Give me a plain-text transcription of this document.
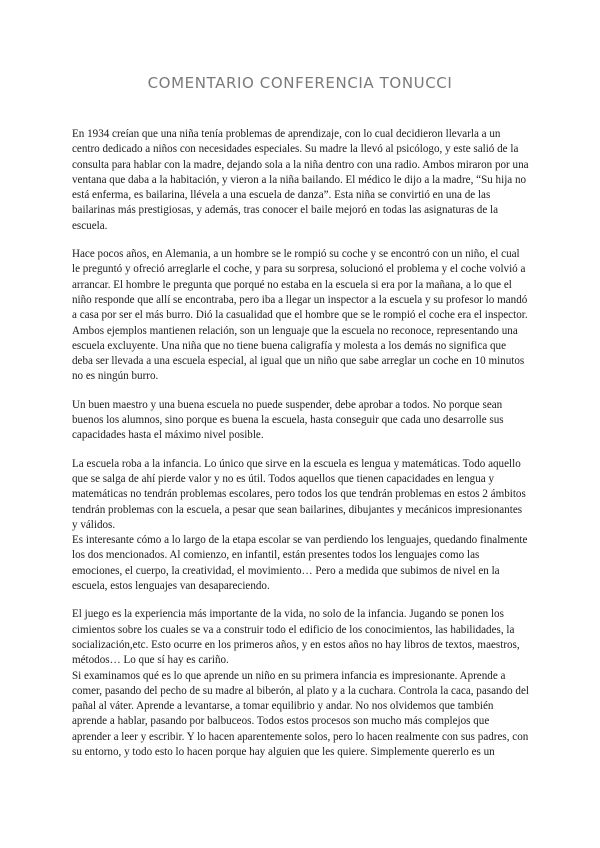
COMENTARIO CONFERENCIA TONUCCI

En 1934 creían que una niña tenía problemas de aprendizaje, con lo cual decidieron llevarla a un centro dedicado a niños con necesidades especiales. Su madre la llevó al psicólogo, y este salió de la consulta para hablar con la madre, dejando sola a la niña dentro con una radio. Ambos miraron por una ventana que daba a la habitación, y vieron a la niña bailando. El médico le dijo a la madre, “Su hija no está enferma, es bailarina, llévela a una escuela de danza”. Esta niña se convirtió en una de las bailarinas más prestigiosas, y además, tras conocer el baile mejoró en todas las asignaturas de la escuela.

Hace pocos años, en Alemania, a un hombre se le rompió su coche y se encontró con un niño, el cual le preguntó y ofreció arreglarle el coche, y para su sorpresa, solucionó el problema y el coche volvió a arrancar. El hombre le pregunta que porqué no estaba en la escuela si era por la mañana, a lo que el niño responde que allí se encontraba, pero iba a llegar un inspector a la escuela y su profesor lo mandó a casa por ser el más burro. Dió la casualidad que el hombre que se le rompió el coche era el inspector.

Ambos ejemplos mantienen relación, son un lenguaje que la escuela no reconoce, representando una escuela excluyente. Una niña que no tiene buena caligrafía y molesta a los demás no significa que deba ser llevada a una escuela especial, al igual que un niño que sabe arreglar un coche en 10 minutos no es ningún burro.

Un buen maestro y una buena escuela no puede suspender, debe aprobar a todos. No porque sean buenos los alumnos, sino porque es buena la escuela, hasta conseguir que cada uno desarrolle sus capacidades hasta el máximo nivel posible.

La escuela roba a la infancia. Lo único que sirve en la escuela es lengua y matemáticas. Todo aquello que se salga de ahí pierde valor y no es útil. Todos aquellos que tienen capacidades en lengua y matemáticas no tendrán problemas escolares, pero todos los que tendrán problemas en estos 2 ámbitos tendrán problemas con la escuela, a pesar que sean bailarines, dibujantes y mecánicos impresionantes y válidos.

Es interesante cómo a lo largo de la etapa escolar se van perdiendo los lenguajes, quedando finalmente los dos mencionados. Al comienzo, en infantil, están presentes todos los lenguajes como las emociones, el cuerpo, la creatividad, el movimiento… Pero a medida que subimos de nivel en la escuela, estos lenguajes van desapareciendo.

El juego es la experiencia más importante de la vida, no solo de la infancia. Jugando se ponen los cimientos sobre los cuales se va a construir todo el edificio de los conocimientos, las habilidades, la socialización,etc. Esto ocurre en los primeros años, y en estos años no hay libros de textos, maestros, métodos… Lo que sí hay es cariño.

Si examinamos qué es lo que aprende un niño en su primera infancia es impresionante. Aprende a comer, pasando del pecho de su madre al biberón, al plato y a la cuchara. Controla la caca, pasando del pañal al váter. Aprende a levantarse, a tomar equilibrio y andar. No nos olvidemos que también aprende a hablar, pasando por balbuceos. Todos estos procesos son mucho más complejos que aprender a leer y escribir. Y lo hacen aparentemente solos, pero lo hacen realmente con sus padres, con su entorno, y todo esto lo hacen porque hay alguien que les quiere. Simplemente quererlo es un
